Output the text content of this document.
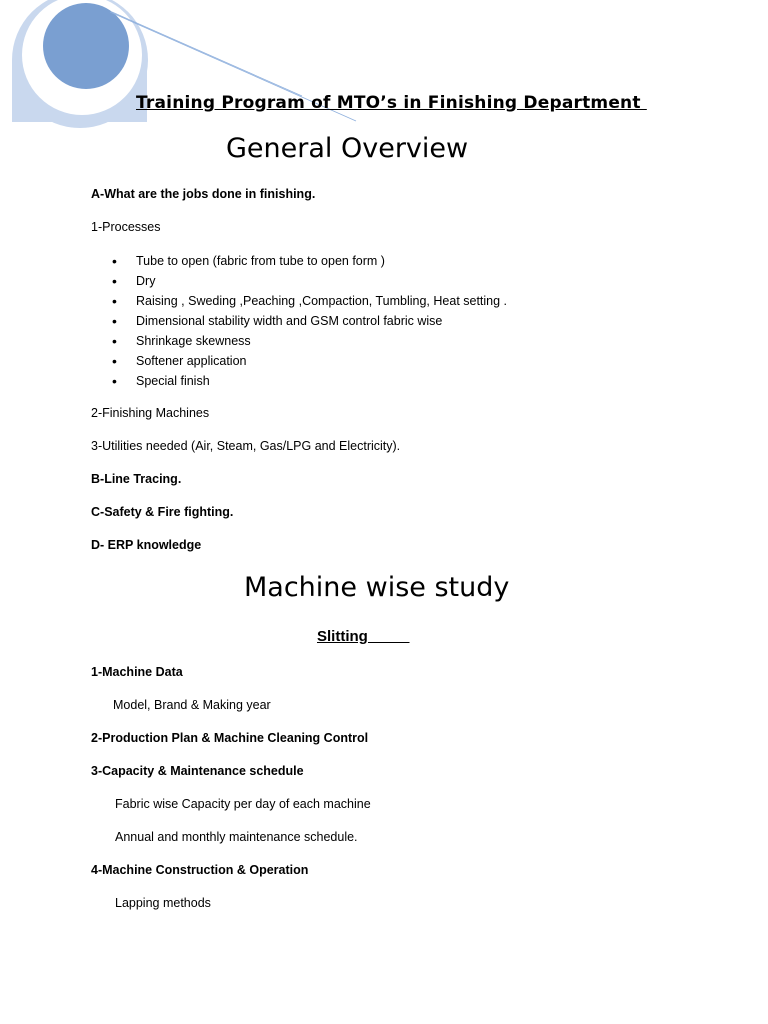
Training Program of MTO’s in Finishing Department
General Overview
A-What are the jobs done in finishing.
1-Processes
• Tube to open (fabric from tube to open form )
• Dry
• Raising , Sweding ,Peaching ,Compaction, Tumbling, Heat setting .
• Dimensional stability width and GSM control fabric wise
• Shrinkage skewness
• Softener application
• Special finish
2-Finishing Machines
3-Utilities needed (Air, Steam, Gas/LPG and Electricity).
B-Line Tracing.
C-Safety & Fire fighting.
D- ERP knowledge
Machine wise study
Slitting
1-Machine Data
Model, Brand & Making year
2-Production Plan & Machine Cleaning Control
3-Capacity & Maintenance schedule
Fabric wise Capacity per day of each machine
Annual and monthly maintenance schedule.
4-Machine Construction & Operation
Lapping methods
